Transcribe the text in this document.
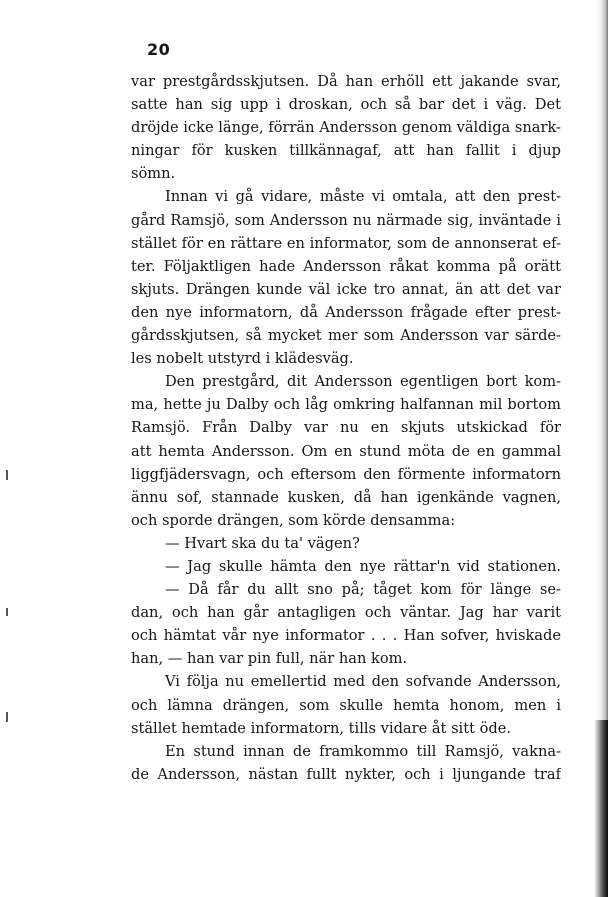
20
var prestgårdsskjutsen. Då han erhöll ett jakande svar,
satte han sig upp i droskan, och så bar det i väg. Det
dröjde icke länge, förrän Andersson genom väldiga snark-
ningar för kusken tillkännagaf, att han fallit i djup
sömn.
Innan vi gå vidare, måste vi omtala, att den prest-
gård Ramsjö, som Andersson nu närmade sig, inväntade i
stället för en rättare en informator, som de annonserat ef-
ter. Följaktligen hade Andersson råkat komma på orätt
skjuts. Drängen kunde väl icke tro annat, än att det var
den nye informatorn, då Andersson frågade efter prest-
gårdsskjutsen, så mycket mer som Andersson var särde-
les nobelt utstyrd i klädesväg.
Den prestgård, dit Andersson egentligen bort kom-
ma, hette ju Dalby och låg omkring halfannan mil bortom
Ramsjö. Från Dalby var nu en skjuts utskickad för
att hemta Andersson. Om en stund möta de en gammal
liggfjädersvagn, och eftersom den förmente informatorn
ännu sof, stannade kusken, då han igenkände vagnen,
och sporde drängen, som körde densamma:
— Hvart ska du ta' vägen?
— Jag skulle hämta den nye rättar'n vid stationen.
— Då får du allt sno på; tåget kom för länge se-
dan, och han går antagligen och väntar. Jag har varit
och hämtat vår nye informator . . . Han sofver, hviskade
han, — han var pin full, när han kom.
Vi följa nu emellertid med den sofvande Andersson,
och lämna drängen, som skulle hemta honom, men i
stället hemtade informatorn, tills vidare åt sitt öde.
En stund innan de framkommo till Ramsjö, vakna-
de Andersson, nästan fullt nykter, och i ljungande traf
